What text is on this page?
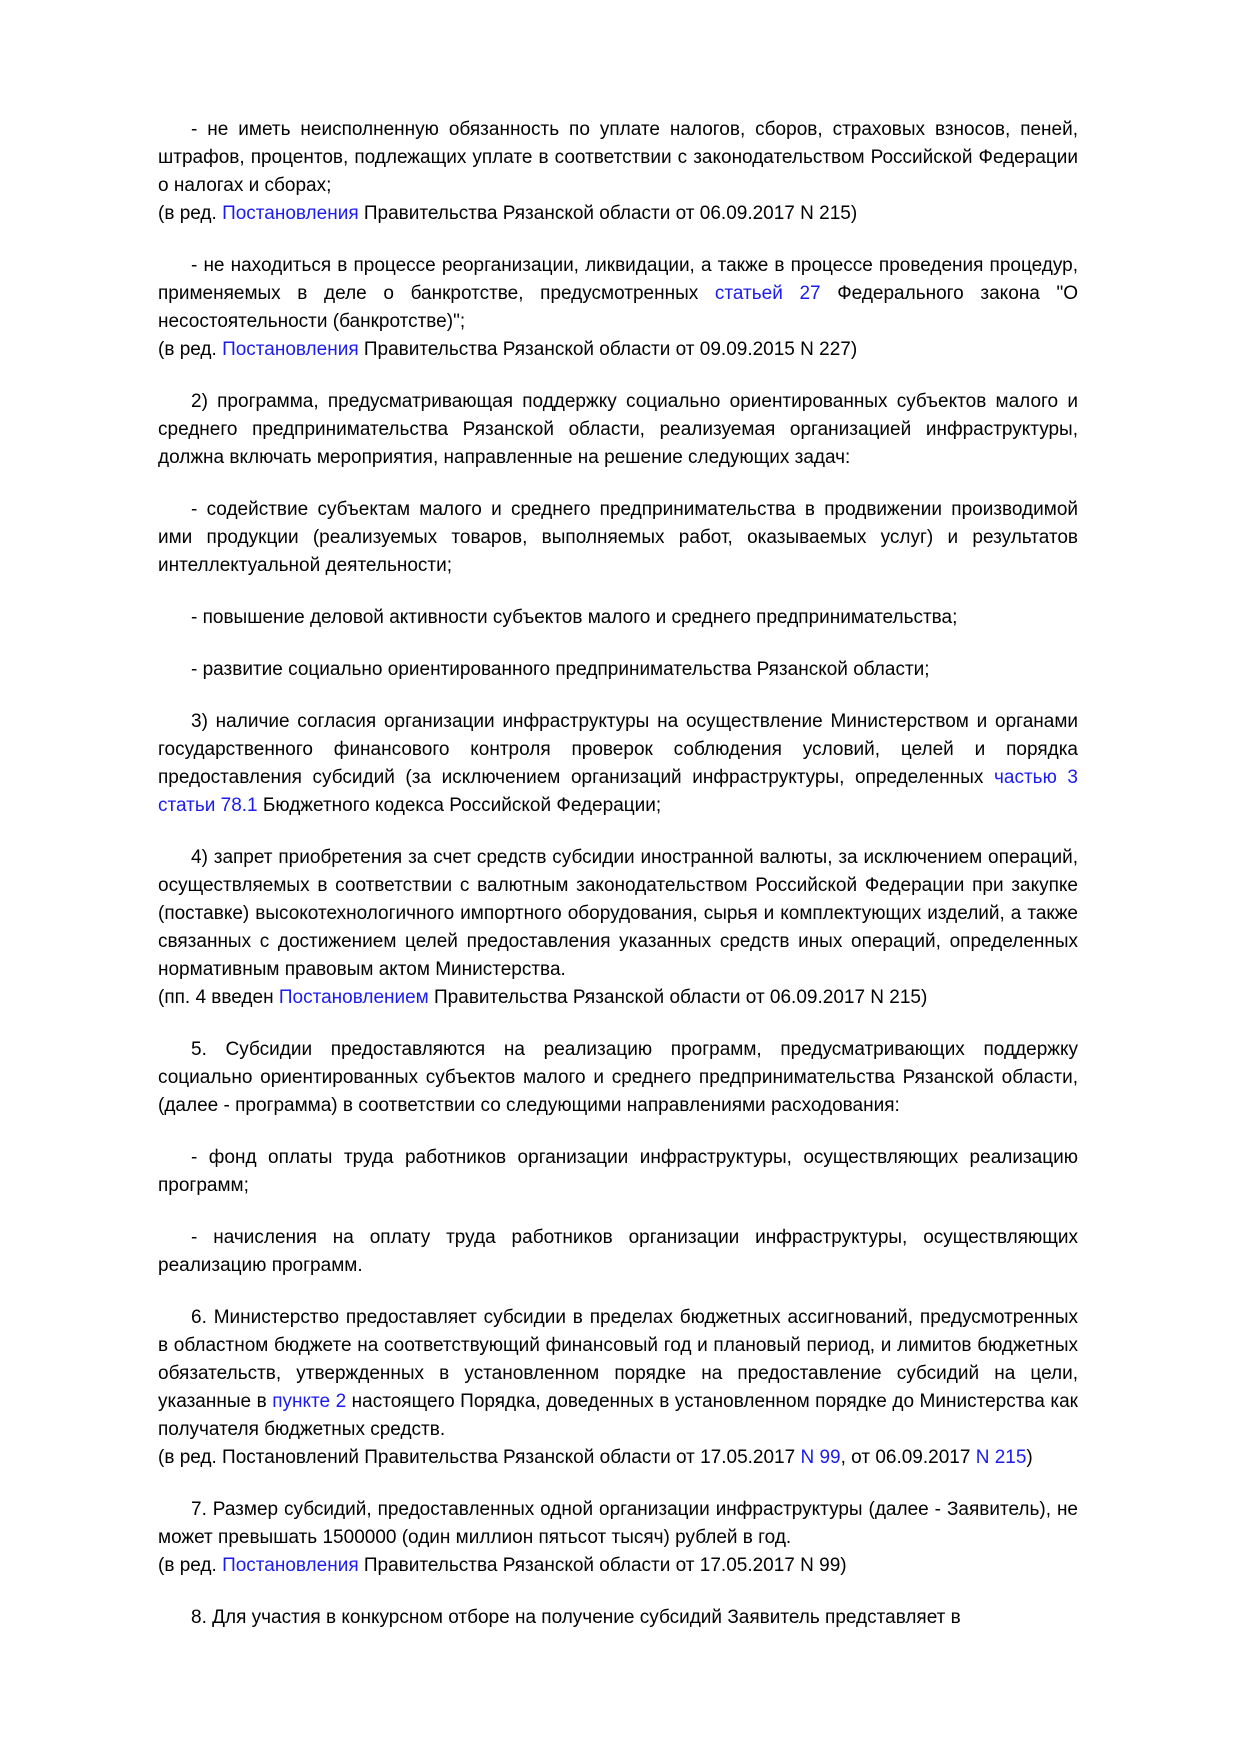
- не иметь неисполненную обязанность по уплате налогов, сборов, страховых взносов, пеней, штрафов, процентов, подлежащих уплате в соответствии с законодательством Российской Федерации о налогах и сборах;

(в ред. Постановления Правительства Рязанской области от 06.09.2017 N 215)

- не находиться в процессе реорганизации, ликвидации, а также в процессе проведения процедур, применяемых в деле о банкротстве, предусмотренных статьей 27 Федерального закона "О несостоятельности (банкротстве)";

(в ред. Постановления Правительства Рязанской области от 09.09.2015 N 227)

2) программа, предусматривающая поддержку социально ориентированных субъектов малого и среднего предпринимательства Рязанской области, реализуемая организацией инфраструктуры, должна включать мероприятия, направленные на решение следующих задач:

- содействие субъектам малого и среднего предпринимательства в продвижении производимой ими продукции (реализуемых товаров, выполняемых работ, оказываемых услуг) и результатов интеллектуальной деятельности;

- повышение деловой активности субъектов малого и среднего предпринимательства;

- развитие социально ориентированного предпринимательства Рязанской области;

3) наличие согласия организации инфраструктуры на осуществление Министерством и органами государственного финансового контроля проверок соблюдения условий, целей и порядка предоставления субсидий (за исключением организаций инфраструктуры, определенных частью 3 статьи 78.1 Бюджетного кодекса Российской Федерации;

4) запрет приобретения за счет средств субсидии иностранной валюты, за исключением операций, осуществляемых в соответствии с валютным законодательством Российской Федерации при закупке (поставке) высокотехнологичного импортного оборудования, сырья и комплектующих изделий, а также связанных с достижением целей предоставления указанных средств иных операций, определенных нормативным правовым актом Министерства.

(пп. 4 введен Постановлением Правительства Рязанской области от 06.09.2017 N 215)

5. Субсидии предоставляются на реализацию программ, предусматривающих поддержку социально ориентированных субъектов малого и среднего предпринимательства Рязанской области, (далее - программа) в соответствии со следующими направлениями расходования:

- фонд оплаты труда работников организации инфраструктуры, осуществляющих реализацию программ;

- начисления на оплату труда работников организации инфраструктуры, осуществляющих реализацию программ.

6. Министерство предоставляет субсидии в пределах бюджетных ассигнований, предусмотренных в областном бюджете на соответствующий финансовый год и плановый период, и лимитов бюджетных обязательств, утвержденных в установленном порядке на предоставление субсидий на цели, указанные в пункте 2 настоящего Порядка, доведенных в установленном порядке до Министерства как получателя бюджетных средств.

(в ред. Постановлений Правительства Рязанской области от 17.05.2017 N 99, от 06.09.2017 N 215)

7. Размер субсидий, предоставленных одной организации инфраструктуры (далее - Заявитель), не может превышать 1500000 (один миллион пятьсот тысяч) рублей в год.

(в ред. Постановления Правительства Рязанской области от 17.05.2017 N 99)

8. Для участия в конкурсном отборе на получение субсидий Заявитель представляет в
